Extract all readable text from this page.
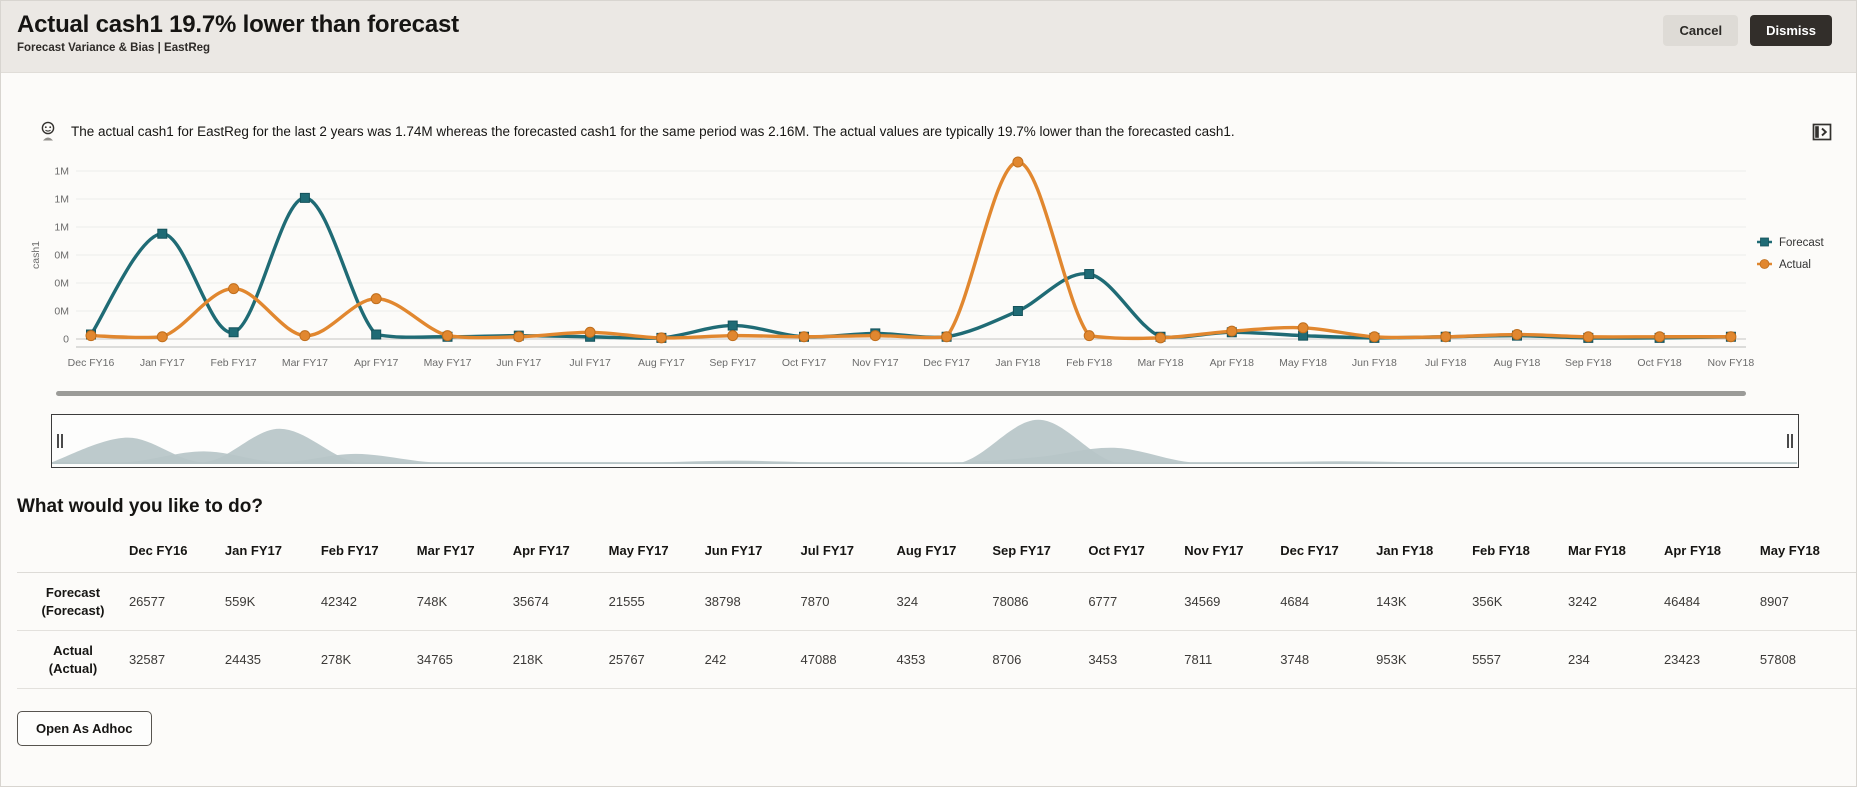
Actual cash1 19.7% lower than forecast
Forecast Variance & Bias | EastReg
Cancel	Dismiss

The actual cash1 for EastReg for the last 2 years was 1.74M whereas the forecasted cash1 for the same period was 2.16M. The actual values are typically 19.7% lower than the forecasted cash1.

1M
1M
1M
0M
0M
0M
0
cash1
Dec FY16 Jan FY17 Feb FY17 Mar FY17 Apr FY17 May FY17 Jun FY17	Jul FY17	Aug FY17 Sep FY17 Oct FY17 Nov FY17 Dec FY17 Jan FY18 Feb FY18 Mar FY18 Apr FY18 May FY18 Jun FY18	Jul FY18	Aug FY18 Sep FY18 Oct FY18 Nov FY18
Forecast
Actual
What would you like to do?
	Dec FY16	Jan FY17	Feb FY17	Mar FY17	Apr FY17	May FY17	Jun FY17	Jul FY17	Aug FY17	Sep FY17	Oct FY17	Nov FY17	Dec FY17	Jan FY18	Feb FY18	Mar FY18	Apr FY18	May FY18

Forecast
(Forecast)	26577	559K	42342	748K	35674	21555	38798	7870	324	78086	6777	34569	4684	143K	356K	3242	46484	8907

Actual
(Actual)	32587	24435	278K	34765	218K	25767	242	47088	4353	8706	3453	7811	3748	953K	5557	234	23423	57808
Open As Adhoc
